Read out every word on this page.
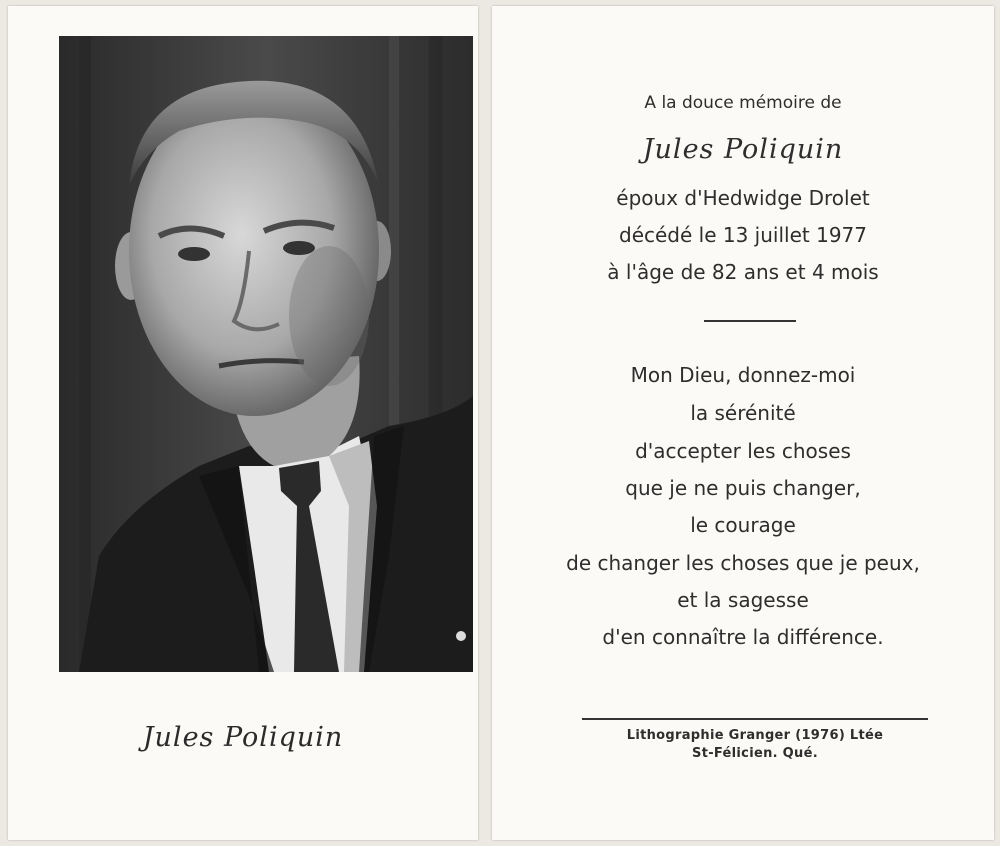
Jules Poliquin
A la douce mémoire de
Jules Poliquin
époux d'Hedwidge Drolet
décédé le 13 juillet 1977
à l'âge de 82 ans et 4 mois
Mon Dieu, donnez-moi
la sérénité
d'accepter les choses
que je ne puis changer,
le courage
de changer les choses que je peux,
et la sagesse
d'en connaître la différence.
Lithographie Granger (1976) Ltée
St-Félicien. Qué.
